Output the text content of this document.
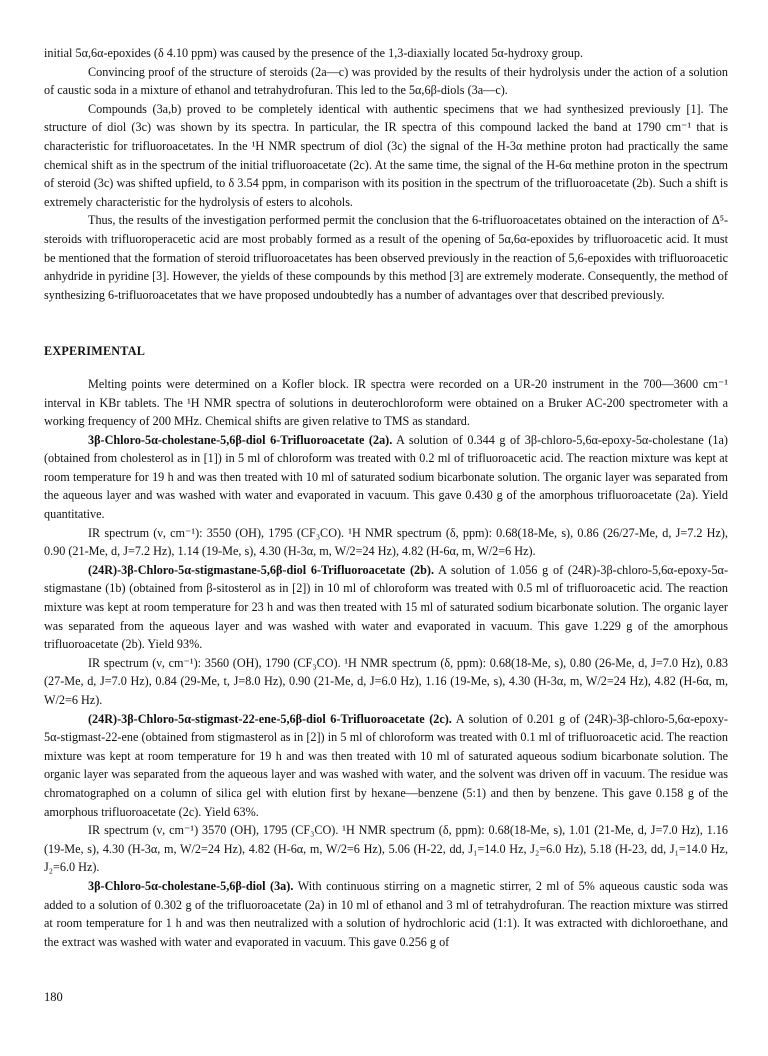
initial 5α,6α-epoxides (δ 4.10 ppm) was caused by the presence of the 1,3-diaxially located 5α-hydroxy group.

Convincing proof of the structure of steroids (2a—c) was provided by the results of their hydrolysis under the action of a solution of caustic soda in a mixture of ethanol and tetrahydrofuran. This led to the 5α,6β-diols (3a—c).

Compounds (3a,b) proved to be completely identical with authentic specimens that we had synthesized previously [1]. The structure of diol (3c) was shown by its spectra. In particular, the IR spectra of this compound lacked the band at 1790 cm⁻¹ that is characteristic for trifluoroacetates. In the ¹H NMR spectrum of diol (3c) the signal of the H-3α methine proton had practically the same chemical shift as in the spectrum of the initial trifluoroacetate (2c). At the same time, the signal of the H-6α methine proton in the spectrum of steroid (3c) was shifted upfield, to δ 3.54 ppm, in comparison with its position in the spectrum of the trifluoroacetate (2b). Such a shift is extremely characteristic for the hydrolysis of esters to alcohols.

Thus, the results of the investigation performed permit the conclusion that the 6-trifluoroacetates obtained on the interaction of Δ⁵-steroids with trifluoroperacetic acid are most probably formed as a result of the opening of 5α,6α-epoxides by trifluoroacetic acid. It must be mentioned that the formation of steroid trifluoroacetates has been observed previously in the reaction of 5,6-epoxides with trifluoroacetic anhydride in pyridine [3]. However, the yields of these compounds by this method [3] are extremely moderate. Consequently, the method of synthesizing 6-trifluoroacetates that we have proposed undoubtedly has a number of advantages over that described previously.

EXPERIMENTAL

Melting points were determined on a Kofler block. IR spectra were recorded on a UR-20 instrument in the 700—3600 cm⁻¹ interval in KBr tablets. The ¹H NMR spectra of solutions in deuterochloroform were obtained on a Bruker AC-200 spectrometer with a working frequency of 200 MHz. Chemical shifts are given relative to TMS as standard.

3β-Chloro-5α-cholestane-5,6β-diol 6-Trifluoroacetate (2a). A solution of 0.344 g of 3β-chloro-5,6α-epoxy-5α-cholestane (1a) (obtained from cholesterol as in [1]) in 5 ml of chloroform was treated with 0.2 ml of trifluoroacetic acid. The reaction mixture was kept at room temperature for 19 h and was then treated with 10 ml of saturated sodium bicarbonate solution. The organic layer was separated from the aqueous layer and was washed with water and evaporated in vacuum. This gave 0.430 g of the amorphous trifluoroacetate (2a). Yield quantitative.

IR spectrum (ν, cm⁻¹): 3550 (OH), 1795 (CF₃CO). ¹H NMR spectrum (δ, ppm): 0.68(18-Me, s), 0.86 (26/27-Me, d, J=7.2 Hz), 0.90 (21-Me, d, J=7.2 Hz), 1.14 (19-Me, s), 4.30 (H-3α, m, W/2=24 Hz), 4.82 (H-6α, m, W/2=6 Hz).

(24R)-3β-Chloro-5α-stigmastane-5,6β-diol 6-Trifluoroacetate (2b). A solution of 1.056 g of (24R)-3β-chloro-5,6α-epoxy-5α-stigmastane (1b) (obtained from β-sitosterol as in [2]) in 10 ml of chloroform was treated with 0.5 ml of trifluoroacetic acid. The reaction mixture was kept at room temperature for 23 h and was then treated with 15 ml of saturated sodium bicarbonate solution. The organic layer was separated from the aqueous layer and was washed with water and evaporated in vacuum. This gave 1.229 g of the amorphous trifluoroacetate (2b). Yield 93%.

IR spectrum (ν, cm⁻¹): 3560 (OH), 1790 (CF₃CO). ¹H NMR spectrum (δ, ppm): 0.68(18-Me, s), 0.80 (26-Me, d, J=7.0 Hz), 0.83 (27-Me, d, J=7.0 Hz), 0.84 (29-Me, t, J=8.0 Hz), 0.90 (21-Me, d, J=6.0 Hz), 1.16 (19-Me, s), 4.30 (H-3α, m, W/2=24 Hz), 4.82 (H-6α, m, W/2=6 Hz).

(24R)-3β-Chloro-5α-stigmast-22-ene-5,6β-diol 6-Trifluoroacetate (2c). A solution of 0.201 g of (24R)-3β-chloro-5,6α-epoxy-5α-stigmast-22-ene (obtained from stigmasterol as in [2]) in 5 ml of chloroform was treated with 0.1 ml of trifluoroacetic acid. The reaction mixture was kept at room temperature for 19 h and was then treated with 10 ml of saturated aqueous sodium bicarbonate solution. The organic layer was separated from the aqueous layer and was washed with water, and the solvent was driven off in vacuum. The residue was chromatographed on a column of silica gel with elution first by hexane—benzene (5:1) and then by benzene. This gave 0.158 g of the amorphous trifluoroacetate (2c). Yield 63%.

IR spectrum (ν, cm⁻¹) 3570 (OH), 1795 (CF₃CO). ¹H NMR spectrum (δ, ppm): 0.68(18-Me, s), 1.01 (21-Me, d, J=7.0 Hz), 1.16 (19-Me, s), 4.30 (H-3α, m, W/2=24 Hz), 4.82 (H-6α, m, W/2=6 Hz), 5.06 (H-22, dd, J₁=14.0 Hz, J₂=6.0 Hz), 5.18 (H-23, dd, J₁=14.0 Hz, J₂=6.0 Hz).

3β-Chloro-5α-cholestane-5,6β-diol (3a). With continuous stirring on a magnetic stirrer, 2 ml of 5% aqueous caustic soda was added to a solution of 0.302 g of the trifluoroacetate (2a) in 10 ml of ethanol and 3 ml of tetrahydrofuran. The reaction mixture was stirred at room temperature for 1 h and was then neutralized with a solution of hydrochloric acid (1:1). It was extracted with dichloroethane, and the extract was washed with water and evaporated in vacuum. This gave 0.256 g of

180
